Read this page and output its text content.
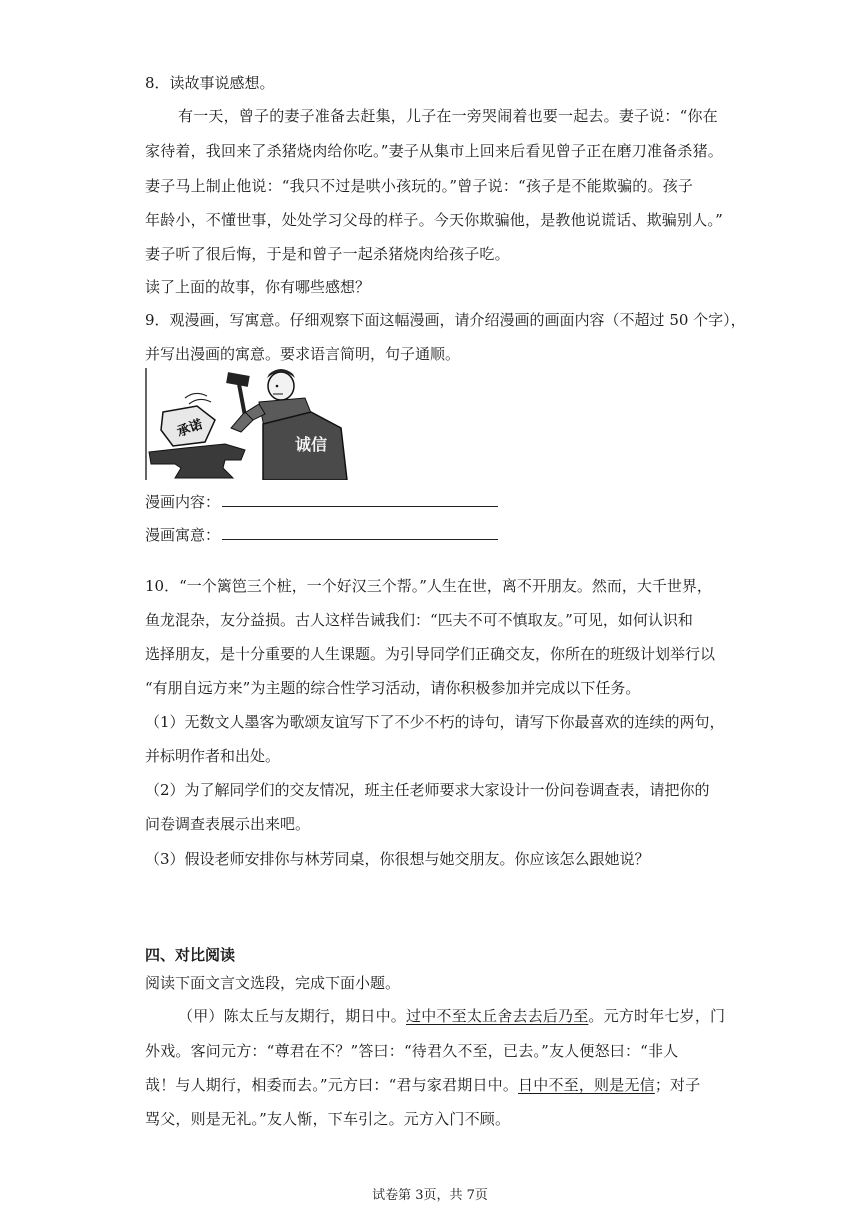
8．读故事说感想。
有一天，曾子的妻子准备去赶集，儿子在一旁哭闹着也要一起去。妻子说：“你在
家待着，我回来了杀猪烧肉给你吃。”妻子从集市上回来后看见曾子正在磨刀准备杀猪。
妻子马上制止他说：“我只不过是哄小孩玩的。”曾子说：“孩子是不能欺骗的。孩子
年龄小，不懂世事，处处学习父母的样子。今天你欺骗他，是教他说谎话、欺骗别人。”
妻子听了很后悔，于是和曾子一起杀猪烧肉给孩子吃。
读了上面的故事，你有哪些感想？
9．观漫画，写寓意。仔细观察下面这幅漫画，请介绍漫画的画面内容（不超过 50 个字），
并写出漫画的寓意。要求语言简明，句子通顺。
承诺
诚信
漫画内容：
漫画寓意：
10．“一个篱笆三个桩，一个好汉三个帮。”人生在世，离不开朋友。然而，大千世界，
鱼龙混杂，友分益损。古人这样告诫我们：“匹夫不可不慎取友。”可见，如何认识和
选择朋友，是十分重要的人生课题。为引导同学们正确交友，你所在的班级计划举行以
“有朋自远方来”为主题的综合性学习活动，请你积极参加并完成以下任务。
（1）无数文人墨客为歌颂友谊写下了不少不朽的诗句，请写下你最喜欢的连续的两句，
并标明作者和出处。
（2）为了解同学们的交友情况，班主任老师要求大家设计一份问卷调查表，请把你的
问卷调查表展示出来吧。
（3）假设老师安排你与林芳同桌，你很想与她交朋友。你应该怎么跟她说？
四、对比阅读
阅读下面文言文选段，完成下面小题。
（甲）陈太丘与友期行，期日中。过中不至太丘舍去去后乃至。元方时年七岁，门
外戏。客问元方：“尊君在不？”答曰：“待君久不至，已去。”友人便怒曰：“非人
哉！与人期行，相委而去。”元方曰：“君与家君期日中。日中不至，则是无信；对子
骂父，则是无礼。”友人惭，下车引之。元方入门不顾。
试卷第 3页，共 7页
